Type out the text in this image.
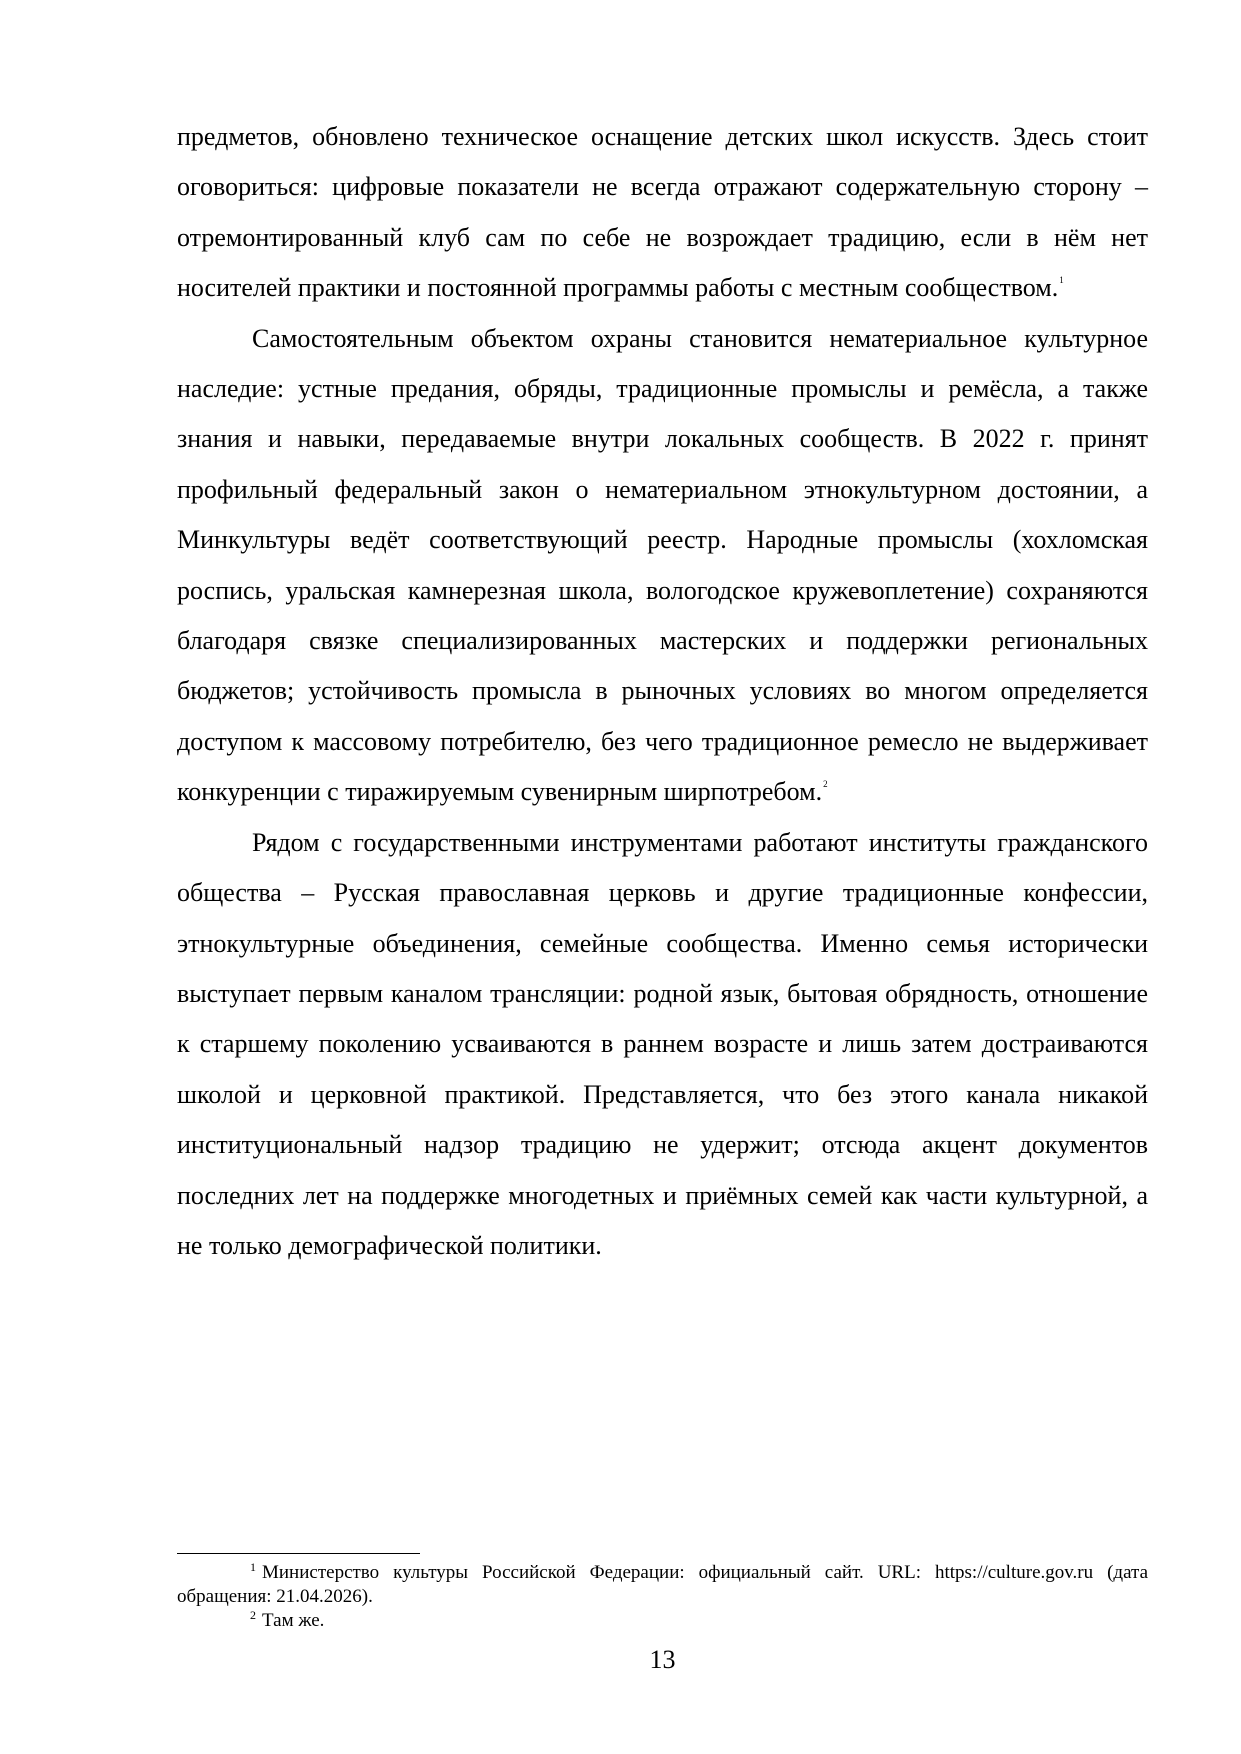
предметов, обновлено техническое оснащение детских школ искусств. Здесь стоит оговориться: цифровые показатели не всегда отражают содержательную сторону – отремонтированный клуб сам по себе не возрождает традицию, если в нём нет носителей практики и постоянной программы работы с местным сообществом.$^1$

Самостоятельным объектом охраны становится нематериальное культурное наследие: устные предания, обряды, традиционные промыслы и ремёсла, а также знания и навыки, передаваемые внутри локальных сообществ. В 2022 г. принят профильный федеральный закон о нематериальном этнокультурном достоянии, а Минкультуры ведёт соответствующий реестр. Народные промыслы (хохломская роспись, уральская камнерезная школа, вологодское кружевоплетение) сохраняются благодаря связке специализированных мастерских и поддержки региональных бюджетов; устойчивость промысла в рыночных условиях во многом определяется доступом к массовому потребителю, без чего традиционное ремесло не выдерживает конкуренции с тиражируемым сувенирным ширпотребом.$^2$

Рядом с государственными инструментами работают институты гражданского общества – Русская православная церковь и другие традиционные конфессии, этнокультурные объединения, семейные сообщества. Именно семья исторически выступает первым каналом трансляции: родной язык, бытовая обрядность, отношение к старшему поколению усваиваются в раннем возрасте и лишь затем достраиваются школой и церковной практикой. Представляется, что без этого канала никакой институциональный надзор традицию не удержит; отсюда акцент документов последних лет на поддержке многодетных и приёмных семей как части культурной, а не только демографической политики.

$^1$ Министерство культуры Российской Федерации: официальный сайт. URL: https://culture.gov.ru (дата обращения: 21.04.2026).

$^2$ Там же.

13
